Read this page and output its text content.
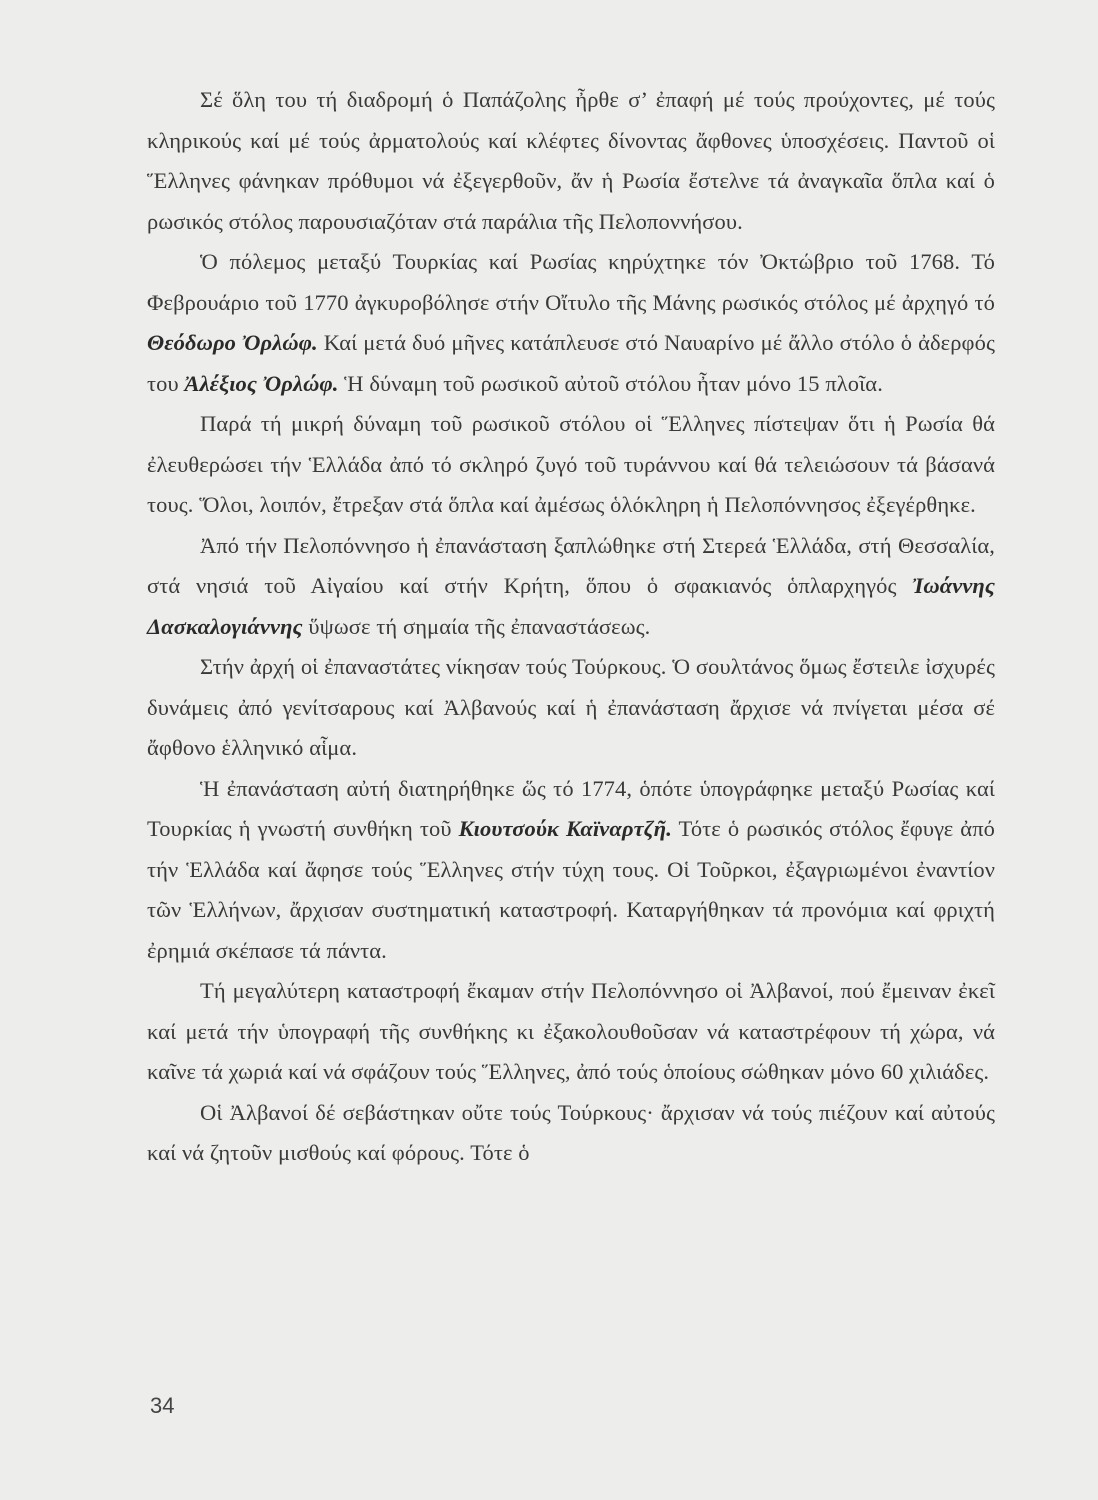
Σέ ὅλη του τή διαδρομή ὁ Παπάζολης ἦρθε σ’ ἐπαφή μέ τούς προύχοντες, μέ τούς κληρικούς καί μέ τούς ἀρματολούς καί κλέφτες δίνοντας ἄφθονες ὑποσχέσεις. Παντοῦ οἱ Ἕλληνες φάνηκαν πρόθυμοι νά ἐξεγερθοῦν, ἄν ἡ Ρωσία ἔστελνε τά ἀναγκαῖα ὅπλα καί ὁ ρωσικός στόλος παρουσιαζόταν στά παράλια τῆς Πελοποννήσου.

Ὁ πόλεμος μεταξύ Τουρκίας καί Ρωσίας κηρύχτηκε τόν Ὀκτώβριο τοῦ 1768. Τό Φεβρουάριο τοῦ 1770 ἀγκυροβόλησε στήν Οἴτυλο τῆς Μάνης ρωσικός στόλος μέ ἀρχηγό τό Θεόδωρο Ὀρλώφ. Καί μετά δυό μῆνες κατάπλευσε στό Ναυαρίνο μέ ἄλλο στόλο ὁ ἀδερφός του Ἀλέξιος Ὀρλώφ. Ἡ δύναμη τοῦ ρωσικοῦ αὐτοῦ στόλου ἦταν μόνο 15 πλοῖα.

Παρά τή μικρή δύναμη τοῦ ρωσικοῦ στόλου οἱ Ἕλληνες πίστεψαν ὅτι ἡ Ρωσία θά ἐλευθερώσει τήν Ἑλλάδα ἀπό τό σκληρό ζυγό τοῦ τυράννου καί θά τελειώσουν τά βάσανά τους. Ὅλοι, λοιπόν, ἔτρεξαν στά ὅπλα καί ἀμέσως ὁλόκληρη ἡ Πελοπόννησος ἐξεγέρθηκε.

Ἀπό τήν Πελοπόννησο ἡ ἐπανάσταση ξαπλώθηκε στή Στερεά Ἑλλάδα, στή Θεσσαλία, στά νησιά τοῦ Αἰγαίου καί στήν Κρήτη, ὅπου ὁ σφακιανός ὁπλαρχηγός Ἰωάννης Δασκαλογιάννης ὕψωσε τή σημαία τῆς ἐπαναστάσεως.

Στήν ἀρχή οἱ ἐπαναστάτες νίκησαν τούς Τούρκους. Ὁ σουλτάνος ὅμως ἔστειλε ἰσχυρές δυνάμεις ἀπό γενίτσαρους καί Ἀλβανούς καί ἡ ἐπανάσταση ἄρχισε νά πνίγεται μέσα σέ ἄφθονο ἑλληνικό αἷμα.

Ἡ ἐπανάσταση αὐτή διατηρήθηκε ὥς τό 1774, ὁπότε ὑπογράφηκε μεταξύ Ρωσίας καί Τουρκίας ἡ γνωστή συνθήκη τοῦ Κιουτσούκ Καϊναρτζῆ. Τότε ὁ ρωσικός στόλος ἔφυγε ἀπό τήν Ἑλλάδα καί ἄφησε τούς Ἕλληνες στήν τύχη τους. Οἱ Τοῦρκοι, ἐξαγριωμένοι ἐναντίον τῶν Ἑλλήνων, ἄρχισαν συστηματική καταστροφή. Καταργήθηκαν τά προνόμια καί φριχτή ἐρημιά σκέπασε τά πάντα.

Τή μεγαλύτερη καταστροφή ἔκαμαν στήν Πελοπόννησο οἱ Ἀλβανοί, πού ἔμειναν ἐκεῖ καί μετά τήν ὑπογραφή τῆς συνθήκης κι ἐξακολουθοῦσαν νά καταστρέφουν τή χώρα, νά καῖνε τά χωριά καί νά σφάζουν τούς Ἕλληνες, ἀπό τούς ὁποίους σώθηκαν μόνο 60 χιλιάδες.

Οἱ Ἀλβανοί δέ σεβάστηκαν οὔτε τούς Τούρκους· ἄρχισαν νά τούς πιέζουν καί αὐτούς καί νά ζητοῦν μισθούς καί φόρους. Τότε ὁ

34
